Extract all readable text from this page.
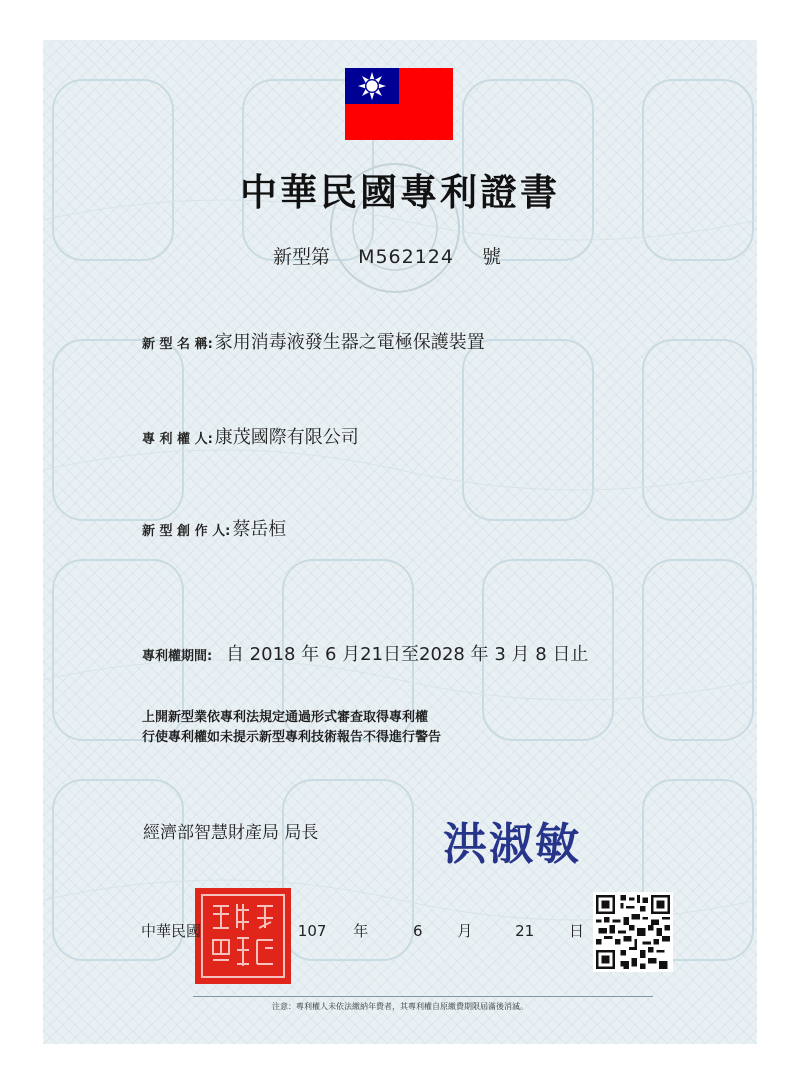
中華民國專利證書
新型第 M562124 號
新 型 名 稱: 家用消毒液發生器之電極保護裝置
專 利 權 人: 康茂國際有限公司
新 型 創 作 人: 蔡岳桓
專利權期間: 自 2018 年 6 月21日至2028 年 3 月 8 日止
上開新型業依專利法規定通過形式審查取得專利權
行使專利權如未提示新型專利技術報告不得進行警告
經濟部智慧財產局 局長	洪淑敏
中華民國	107 年	6 月	21 日
注意：專利權人未依法繳納年費者，其專利權自原繳費期限屆滿後消滅。
